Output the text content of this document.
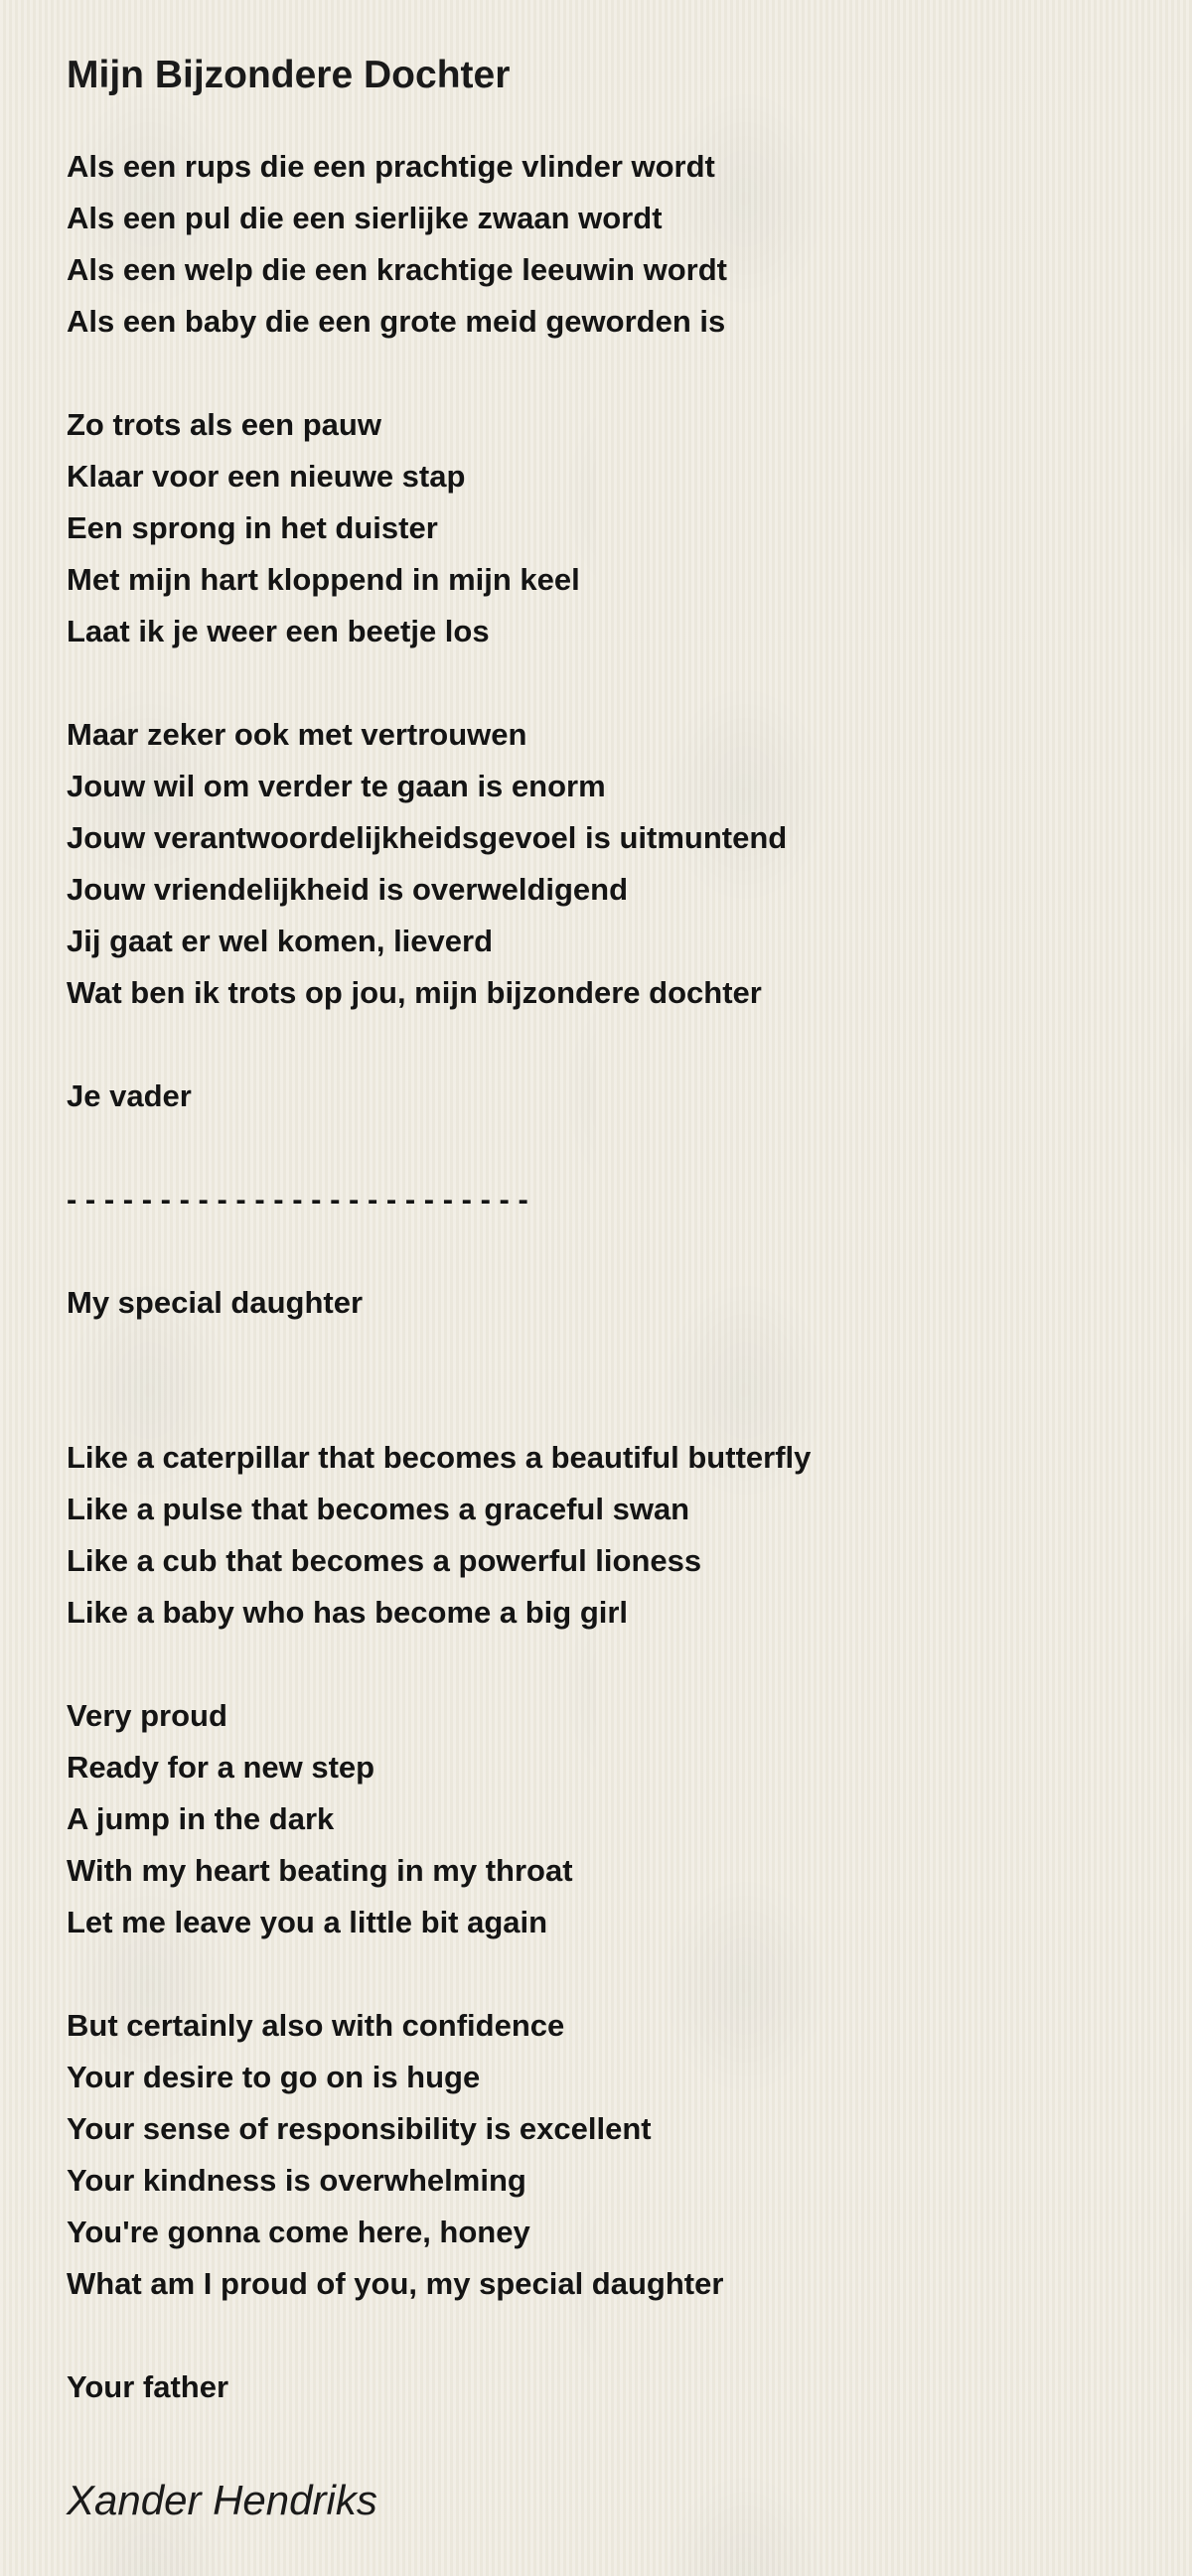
Mijn Bijzondere Dochter
Als een rups die een prachtige vlinder wordt
Als een pul die een sierlijke zwaan wordt
Als een welp die een krachtige leeuwin wordt
Als een baby die een grote meid geworden is
Zo trots als een pauw
Klaar voor een nieuwe stap
Een sprong in het duister
Met mijn hart kloppend in mijn keel
Laat ik je weer een beetje los
Maar zeker ook met vertrouwen
Jouw wil om verder te gaan is enorm
Jouw verantwoordelijkheidsgevoel is uitmuntend
Jouw vriendelijkheid is overweldigend
Jij gaat er wel komen, lieverd
Wat ben ik trots op jou, mijn bijzondere dochter
Je vader
- - - - - - - - - - - - - - - - - - - - - - - - -
My special daughter
Like a caterpillar that becomes a beautiful butterfly
Like a pulse that becomes a graceful swan
Like a cub that becomes a powerful lioness
Like a baby who has become a big girl
Very proud
Ready for a new step
A jump in the dark
With my heart beating in my throat
Let me leave you a little bit again
But certainly also with confidence
Your desire to go on is huge
Your sense of responsibility is excellent
Your kindness is overwhelming
You're gonna come here, honey
What am I proud of you, my special daughter
Your father
Xander Hendriks
